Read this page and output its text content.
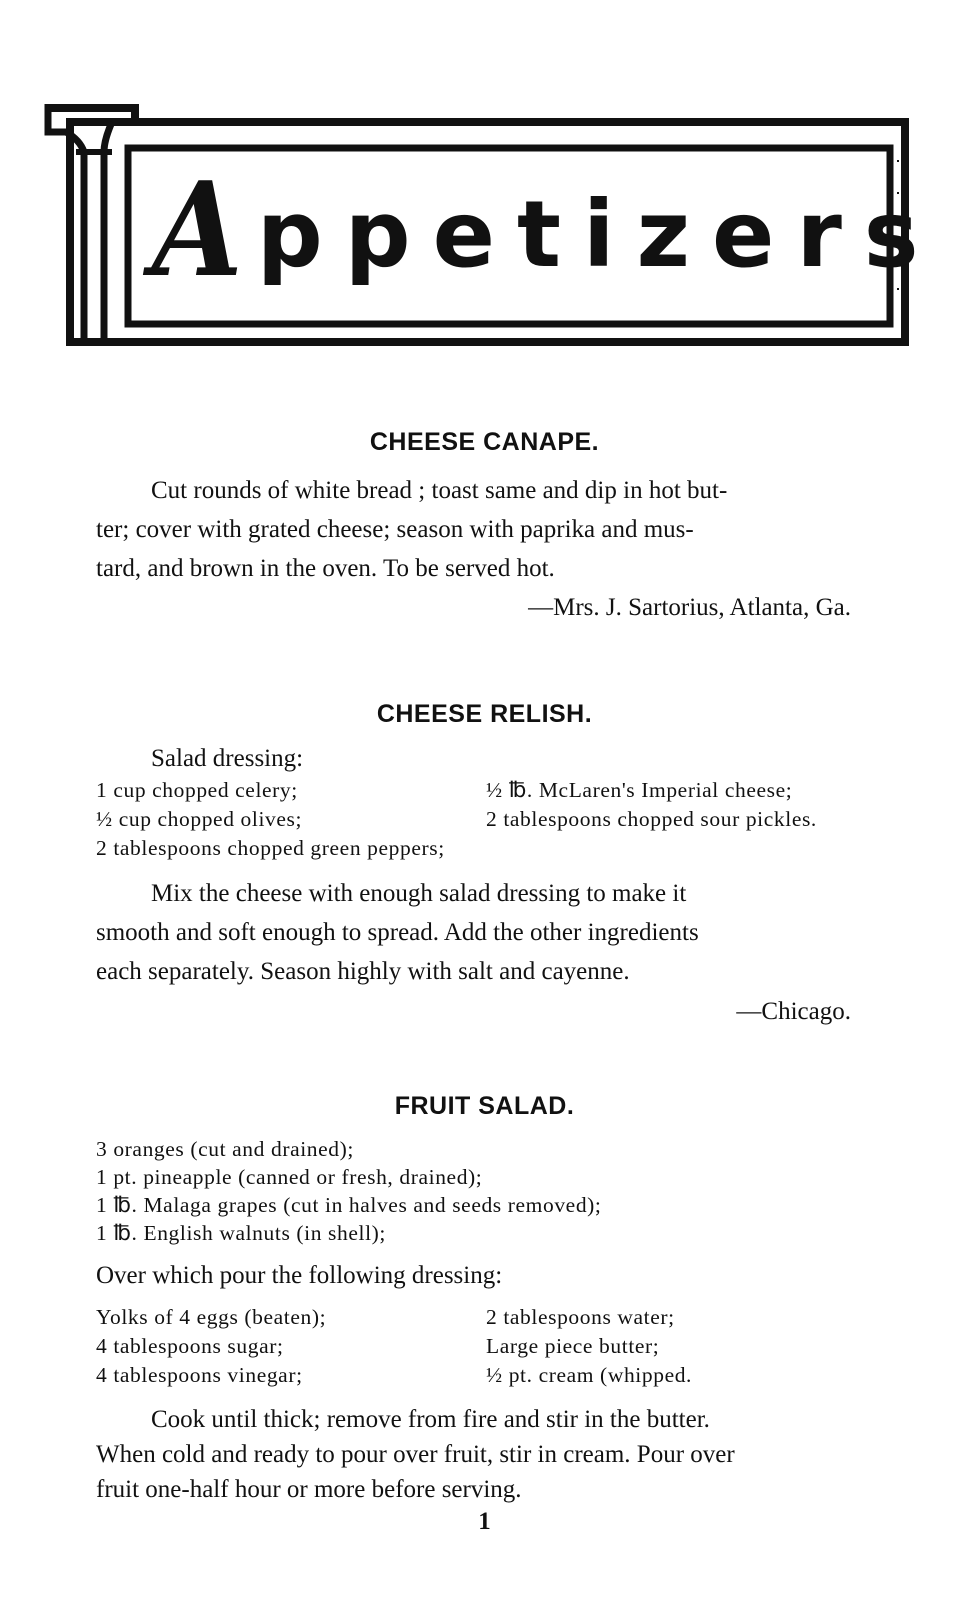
A ppetizers
CHEESE CANAPE.
Cut rounds of white bread ; toast same and dip in hot but-
ter; cover with grated cheese; season with paprika and mus-
tard, and brown in the oven. To be served hot.
—Mrs. J. Sartorius, Atlanta, Ga.
CHEESE RELISH.
Salad dressing:
1 cup chopped celery;	½ ℔. McLaren's Imperial cheese;
½ cup chopped olives;	2 tablespoons chopped sour pickles.
2 tablespoons chopped green peppers;
Mix the cheese with enough salad dressing to make it
smooth and soft enough to spread. Add the other ingredients
each separately. Season highly with salt and cayenne.
—Chicago.
FRUIT SALAD.
3 oranges (cut and drained);
1 pt. pineapple (canned or fresh, drained);
1 ℔. Malaga grapes (cut in halves and seeds removed);
1 ℔. English walnuts (in shell);
Over which pour the following dressing:
Yolks of 4 eggs (beaten);	2 tablespoons water;
4 tablespoons sugar;	Large piece butter;
4 tablespoons vinegar;	½ pt. cream (whipped.
Cook until thick; remove from fire and stir in the butter.
When cold and ready to pour over fruit, stir in cream. Pour over
fruit one-half hour or more before serving.
1
